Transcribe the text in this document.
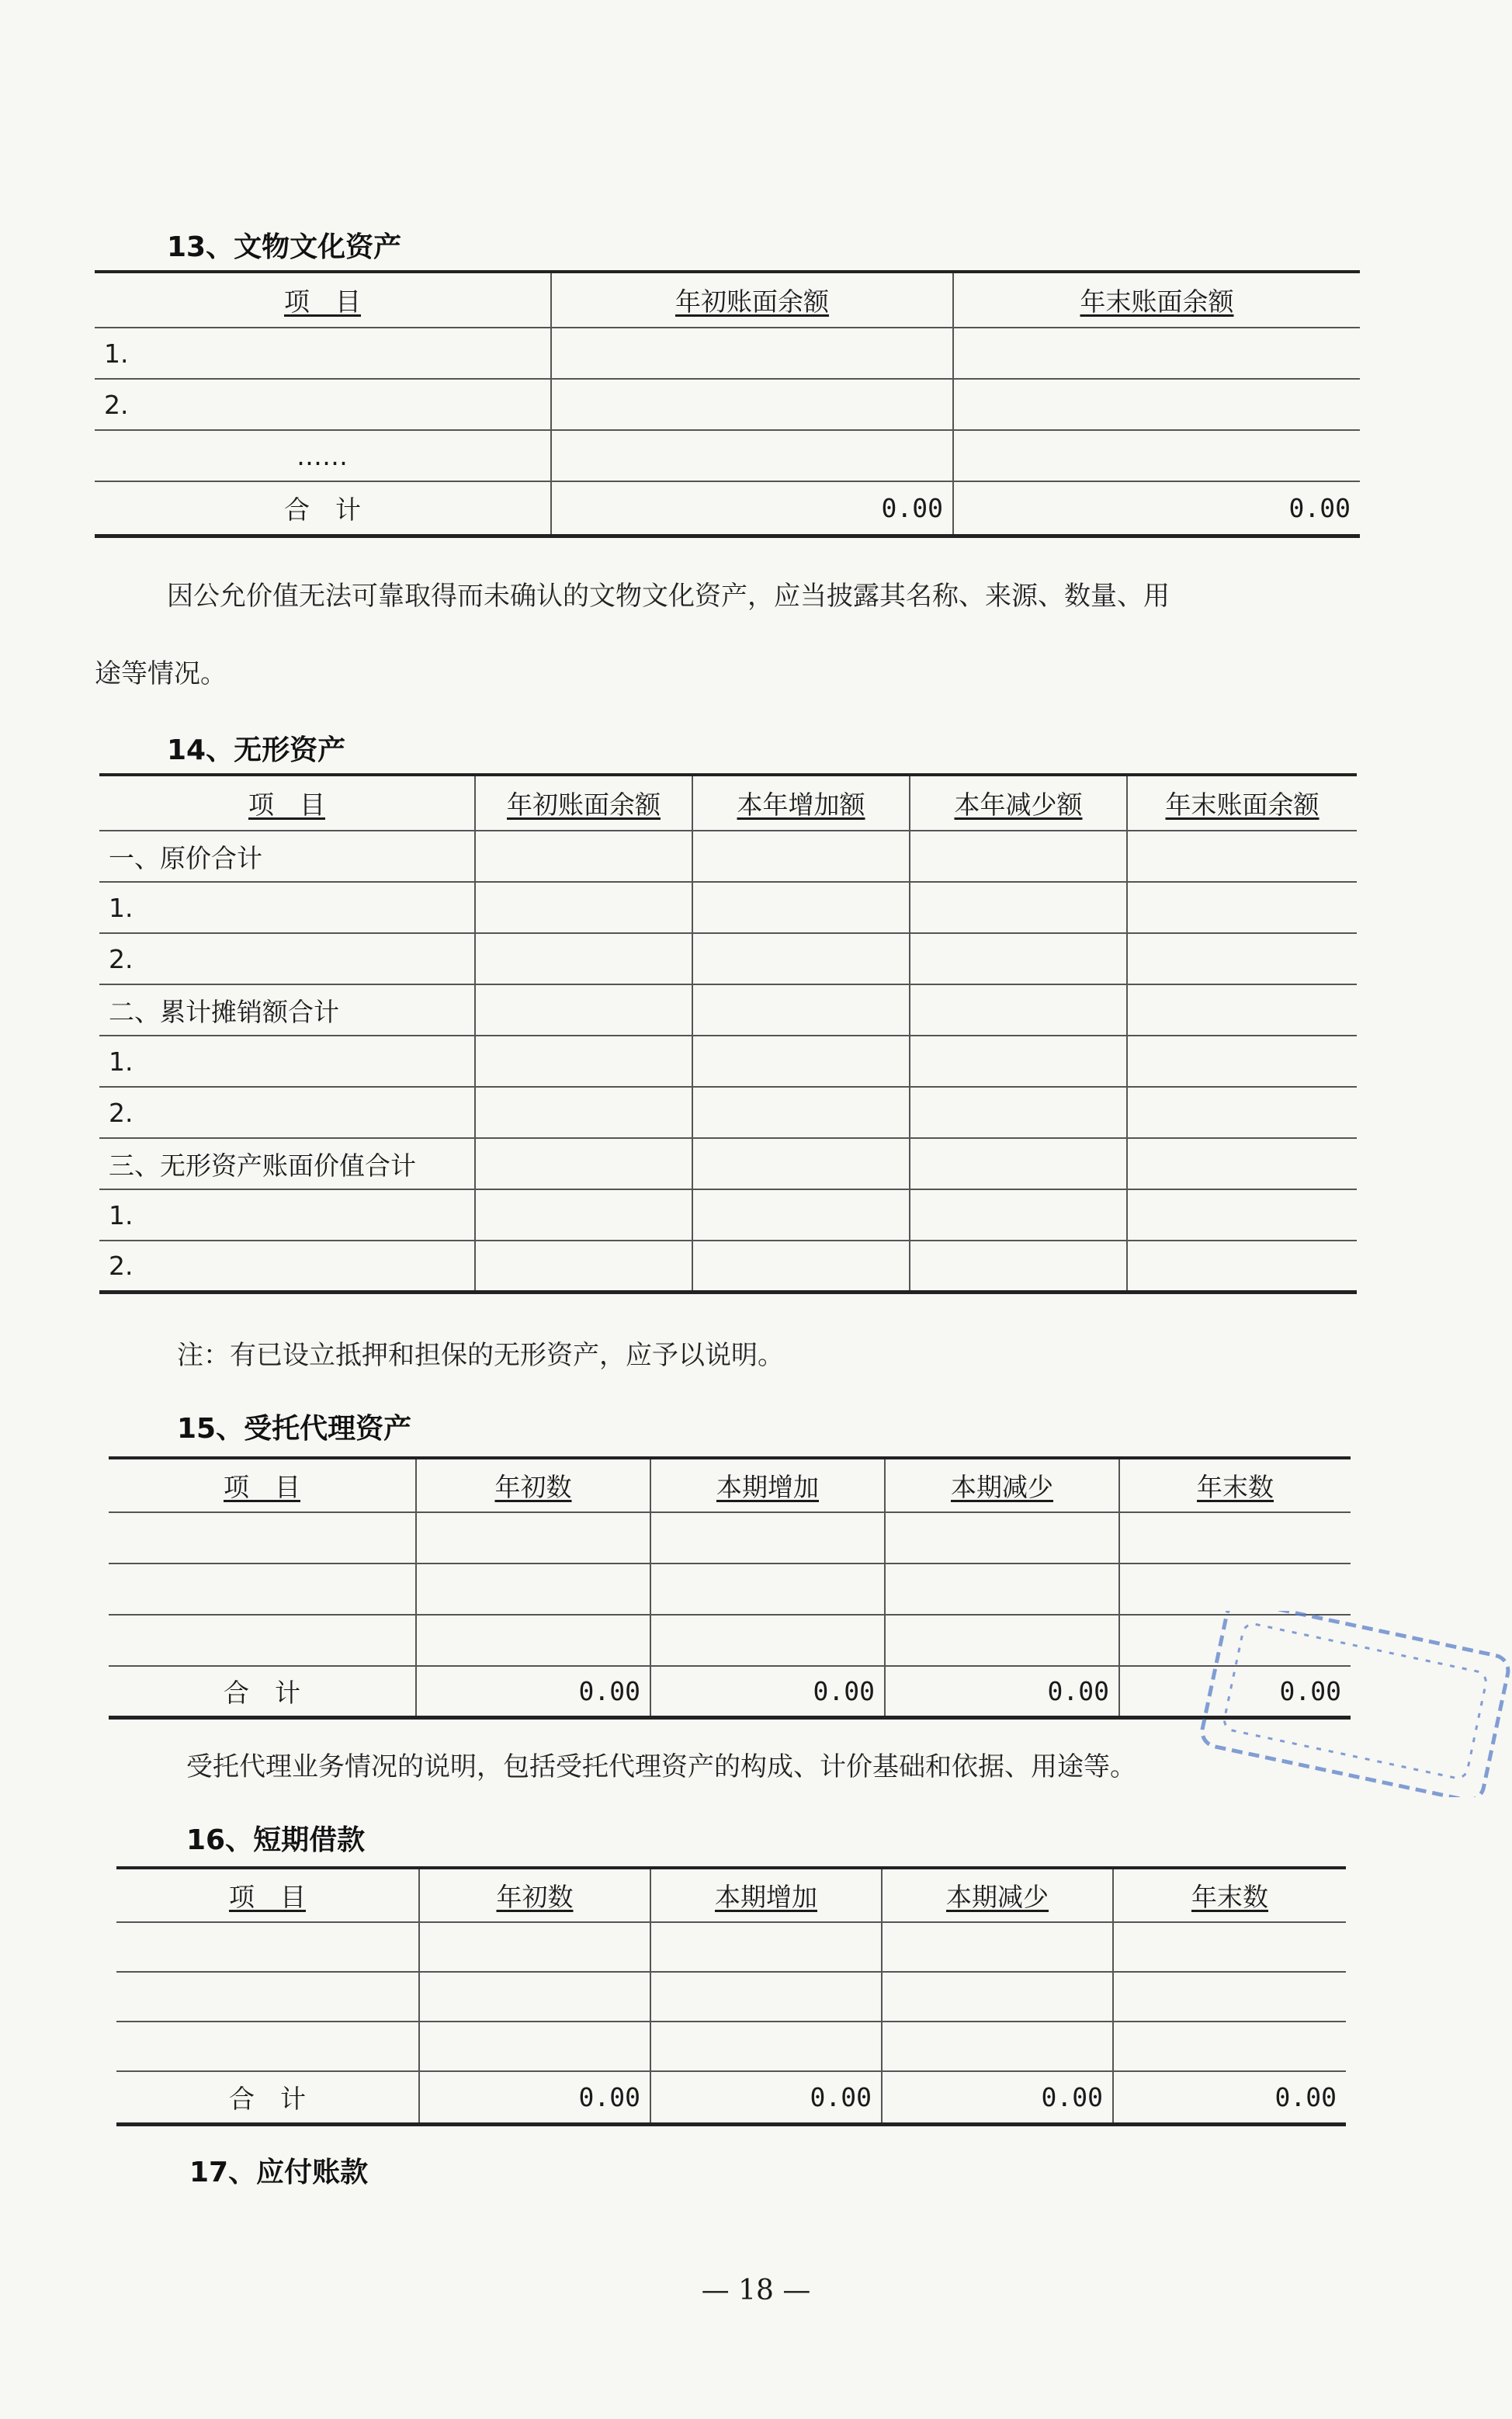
13、文物文化资产
项　目	年初账面余额	年末账面余额
1.		
2.		
……		
合　计	0.00	0.00
因公允价值无法可靠取得而未确认的文物文化资产，应当披露其名称、来源、数量、用
途等情况。
14、无形资产
项　目	年初账面余额	本年增加额	本年减少额	年末账面余额
一、原价合计				
1.				
2.				
二、累计摊销额合计				
1.				
2.				
三、无形资产账面价值合计				
1.				
2.				
注：有已设立抵押和担保的无形资产，应予以说明。
15、受托代理资产
项　目	年初数	本期增加	本期减少	年末数

合　计	0.00	0.00	0.00	0.00
受托代理业务情况的说明，包括受托代理资产的构成、计价基础和依据、用途等。
16、短期借款
项　目	年初数	本期增加	本期减少	年末数

合　计	0.00	0.00	0.00	0.00
17、应付账款
— 18 —
